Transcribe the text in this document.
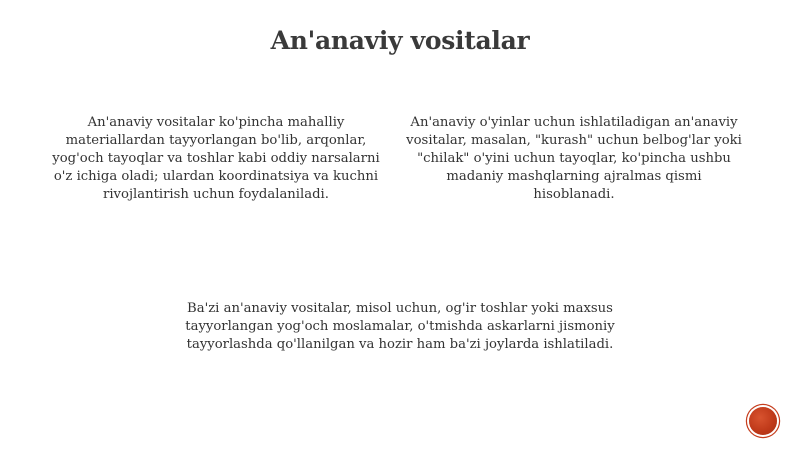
An'anaviy vositalar
An'anaviy vositalar ko'pincha mahalliy materiallardan tayyorlangan bo'lib, arqonlar, yog'och tayoqlar va toshlar kabi oddiy narsalarni o'z ichiga oladi; ulardan koordinatsiya va kuchni rivojlantirish uchun foydalaniladi.
An'anaviy o'yinlar uchun ishlatiladigan an'anaviy vositalar, masalan, "kurash" uchun belbog'lar yoki "chilak" o'yini uchun tayoqlar, ko'pincha ushbu madaniy mashqlarning ajralmas qismi hisoblanadi.
Ba'zi an'anaviy vositalar, misol uchun, og'ir toshlar yoki maxsus tayyorlangan yog'och moslamalar, o'tmishda askarlarni jismoniy tayyorlashda qo'llanilgan va hozir ham ba'zi joylarda ishlatiladi.
